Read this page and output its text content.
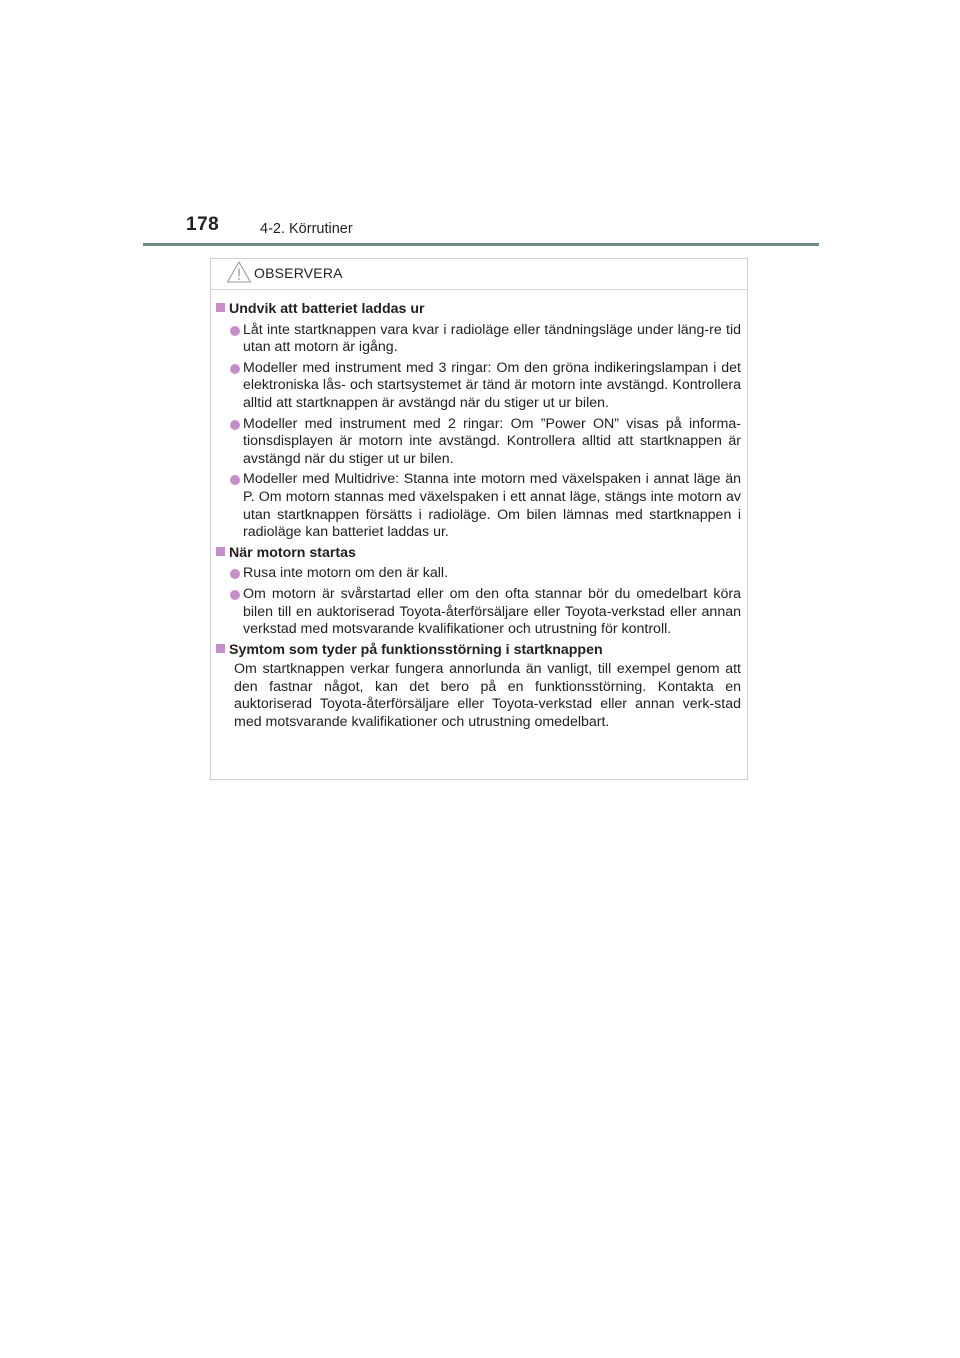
178	4-2. Körrutiner
OBSERVERA
Undvik att batteriet laddas ur
Låt inte startknappen vara kvar i radioläge eller tändningsläge under läng-re tid utan att motorn är igång.
Modeller med instrument med 3 ringar: Om den gröna indikeringslampan i det elektroniska lås- och startsystemet är tänd är motorn inte avstängd. Kontrollera alltid att startknappen är avstängd när du stiger ut ur bilen.
Modeller med instrument med 2 ringar: Om ”Power ON” visas på informa-tionsdisplayen är motorn inte avstängd. Kontrollera alltid att startknappen är avstängd när du stiger ut ur bilen.
Modeller med Multidrive: Stanna inte motorn med växelspaken i annat läge än P. Om motorn stannas med växelspaken i ett annat läge, stängs inte motorn av utan startknappen försätts i radioläge. Om bilen lämnas med startknappen i radioläge kan batteriet laddas ur.
När motorn startas
Rusa inte motorn om den är kall.
Om motorn är svårstartad eller om den ofta stannar bör du omedelbart köra bilen till en auktoriserad Toyota-återförsäljare eller Toyota-verkstad eller annan verkstad med motsvarande kvalifikationer och utrustning för kontroll.
Symtom som tyder på funktionsstörning i startknappen
Om startknappen verkar fungera annorlunda än vanligt, till exempel genom att den fastnar något, kan det bero på en funktionsstörning. Kontakta en auktoriserad Toyota-återförsäljare eller Toyota-verkstad eller annan verk-stad med motsvarande kvalifikationer och utrustning omedelbart.
